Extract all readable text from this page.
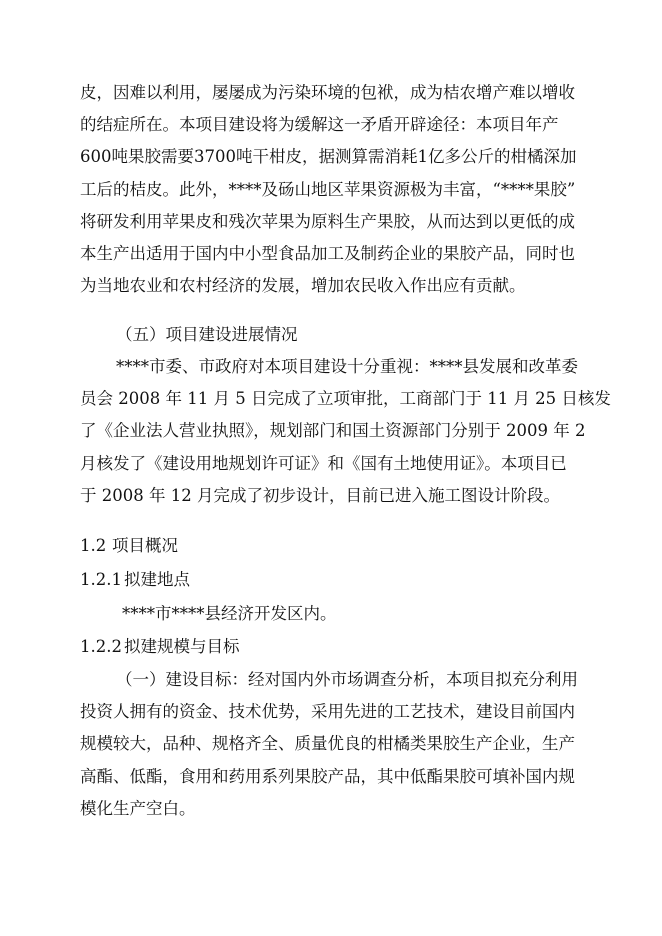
皮，因难以利用，屡屡成为污染环境的包袱，成为桔农增产难以增收
的结症所在。本项目建设将为缓解这一矛盾开辟途径：本项目年产
600吨果胶需要3700吨干柑皮，据测算需消耗1亿多公斤的柑橘深加
工后的桔皮。此外，****及砀山地区苹果资源极为丰富，“****果胶”
将研发利用苹果皮和残次苹果为原料生产果胶，从而达到以更低的成
本生产出适用于国内中小型食品加工及制药企业的果胶产品，同时也
为当地农业和农村经济的发展，增加农民收入作出应有贡献。

（五）项目建设进展情况

****市委、市政府对本项目建设十分重视：****县发展和改革委
员会 2008 年 11 月 5 日完成了立项审批，工商部门于 11 月 25 日核发
了《企业法人营业执照》，规划部门和国土资源部门分别于 2009 年 2
月核发了《建设用地规划许可证》和《国有土地使用证》。本项目已
于 2008 年 12 月完成了初步设计，目前已进入施工图设计阶段。

1.2 项目概况

1.2.1 拟建地点

****市****县经济开发区内。

1.2.2 拟建规模与目标

（一）建设目标：经对国内外市场调查分析，本项目拟充分利用
投资人拥有的资金、技术优势，采用先进的工艺技术，建设目前国内
规模较大，品种、规格齐全、质量优良的柑橘类果胶生产企业，生产
高酯、低酯，食用和药用系列果胶产品，其中低酯果胶可填补国内规
模化生产空白。
